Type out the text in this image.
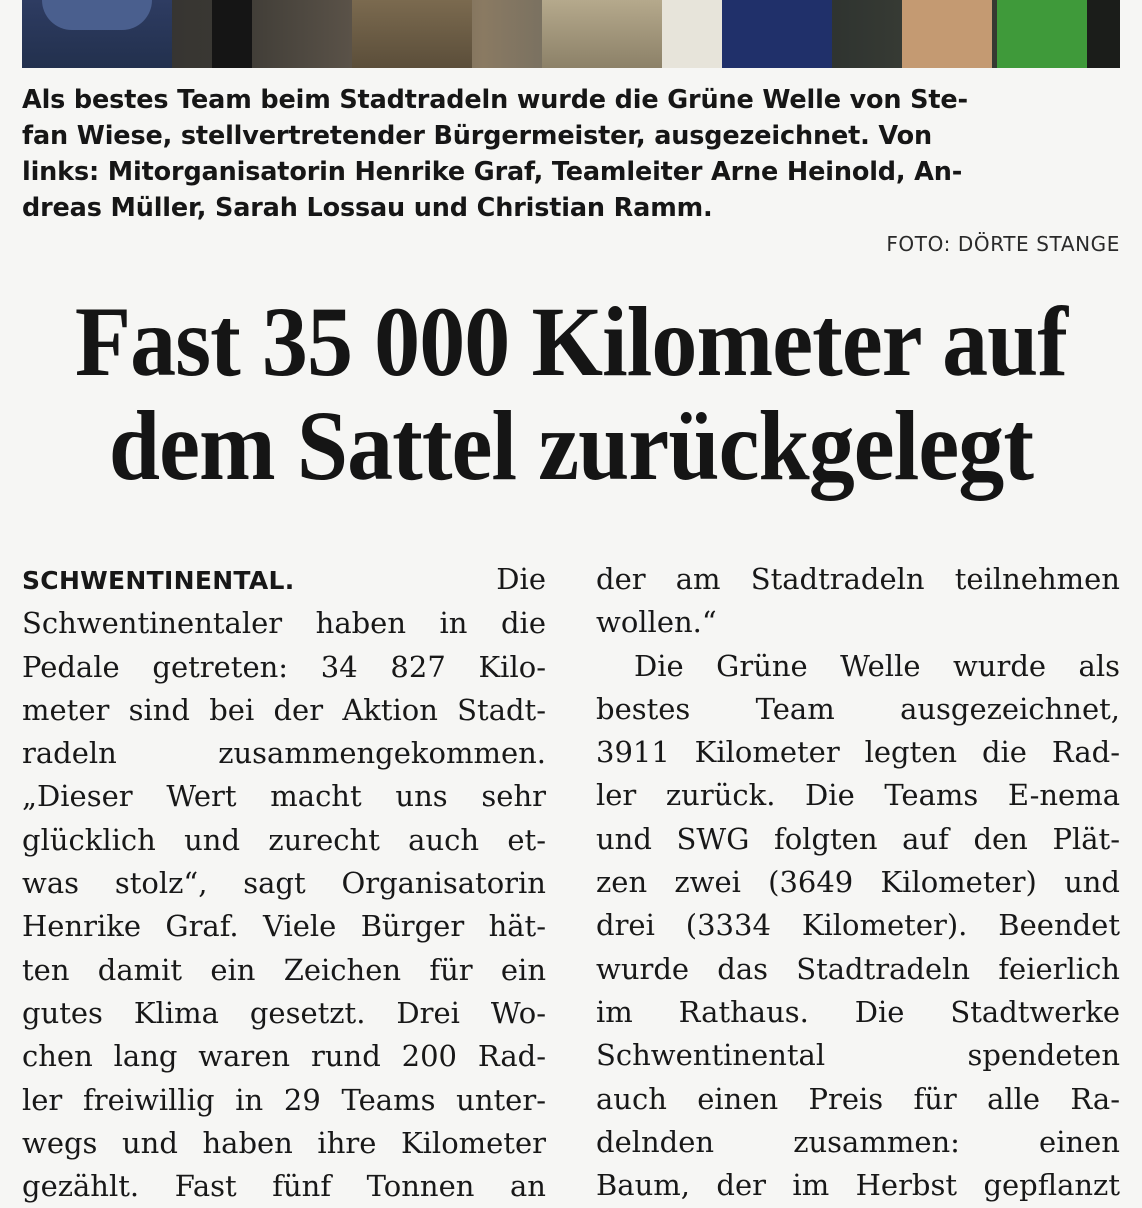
Als bestes Team beim Stadtradeln wurde die Grüne Welle von Ste-
fan Wiese, stellvertretender Bürgermeister, ausgezeichnet. Von
links: Mitorganisatorin Henrike Graf, Teamleiter Arne Heinold, An-
dreas Müller, Sarah Lossau und Christian Ramm.
FOTO: DÖRTE STANGE
Fast 35 000 Kilometer auf
dem Sattel zurückgelegt
SCHWENTINENTAL.	Die
Schwentinentaler haben in die
Pedale getreten: 34 827 Kilo-
meter sind bei der Aktion Stadt-
radeln zusammengekommen.
„Dieser Wert macht uns sehr
glücklich und zurecht auch et-
was stolz“, sagt Organisatorin
Henrike Graf. Viele Bürger hät-
ten damit ein Zeichen für ein
gutes Klima gesetzt. Drei Wo-
chen lang waren rund 200 Rad-
ler freiwillig in 29 Teams unter-
wegs und haben ihre Kilometer
gezählt. Fast fünf Tonnen an
der am Stadtradeln teilnehmen
wollen.“
Die Grüne Welle wurde als
bestes Team ausgezeichnet,
3911 Kilometer legten die Rad-
ler zurück. Die Teams E-nema
und SWG folgten auf den Plät-
zen zwei (3649 Kilometer) und
drei (3334 Kilometer). Beendet
wurde das Stadtradeln feierlich
im Rathaus. Die Stadtwerke
Schwentinental spendeten
auch einen Preis für alle Ra-
delnden zusammen: einen
Baum, der im Herbst gepflanzt
